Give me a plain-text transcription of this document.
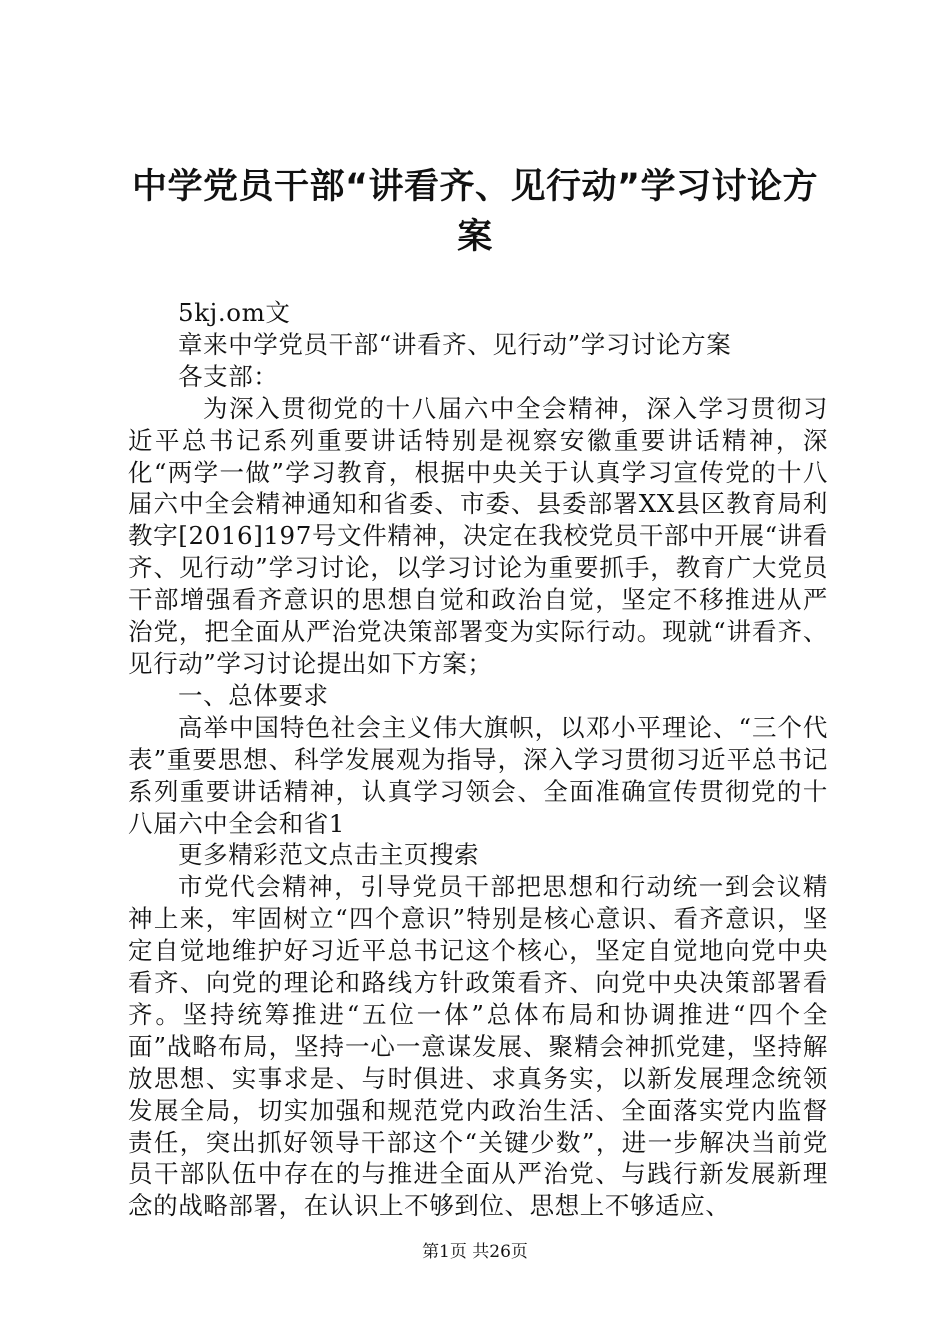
中学党员干部“讲看齐、见行动”学习讨论方案

5kj.om文

章来中学党员干部“讲看齐、见行动”学习讨论方案

各支部：

为深入贯彻党的十八届六中全会精神，深入学习贯彻习近平总书记系列重要讲话特别是视察安徽重要讲话精神，深化“两学一做”学习教育，根据中央关于认真学习宣传党的十八届六中全会精神通知和省委、市委、县委部署XX县区教育局利教字[2016]197号文件精神，决定在我校党员干部中开展“讲看齐、见行动”学习讨论，以学习讨论为重要抓手，教育广大党员干部增强看齐意识的思想自觉和政治自觉，坚定不移推进从严治党，把全面从严治党决策部署变为实际行动。现就“讲看齐、见行动”学习讨论提出如下方案；

一、总体要求

高举中国特色社会主义伟大旗帜，以邓小平理论、“三个代表”重要思想、科学发展观为指导，深入学习贯彻习近平总书记系列重要讲话精神，认真学习领会、全面准确宣传贯彻党的十八届六中全会和省1

更多精彩范文点击主页搜索

市党代会精神，引导党员干部把思想和行动统一到会议精神上来，牢固树立“四个意识”特别是核心意识、看齐意识，坚定自觉地维护好习近平总书记这个核心，坚定自觉地向党中央看齐、向党的理论和路线方针政策看齐、向党中央决策部署看齐。坚持统筹推进“五位一体”总体布局和协调推进“四个全面”战略布局，坚持一心一意谋发展、聚精会神抓党建，坚持解放思想、实事求是、与时俱进、求真务实，以新发展理念统领发展全局，切实加强和规范党内政治生活、全面落实党内监督责任，突出抓好领导干部这个“关键少数”，进一步解决当前党员干部队伍中存在的与推进全面从严治党、与践行新发展新理念的战略部署，在认识上不够到位、思想上不够适应、

第1页 共26页
